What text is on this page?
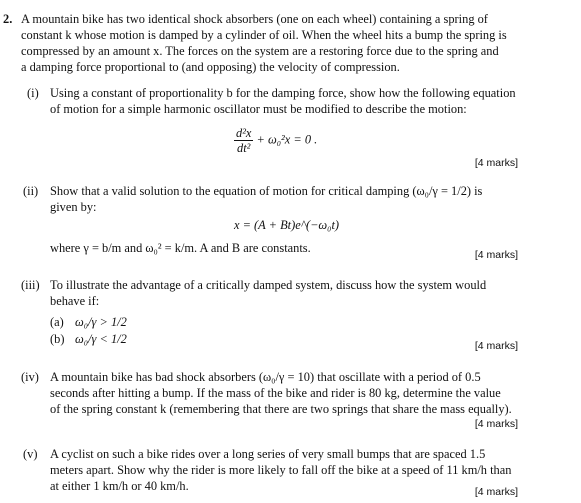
2. A mountain bike has two identical shock absorbers (one on each wheel) containing a spring of
constant k whose motion is damped by a cylinder of oil. When the wheel hits a bump the spring is
compressed by an amount x. The forces on the system are a restoring force due to the spring and
a damping force proportional to (and opposing) the velocity of compression.
(i) Using a constant of proportionality b for the damping force, show how the following equation
of motion for a simple harmonic oscillator must be modified to describe the motion:
$\frac{\text{d²x}}{\text{dt²}} + \omega_0^2x = 0$ .
[4 marks]
(ii) Show that a valid solution to the equation of motion for critical damping (ω₀/γ = 1/2) is
given by:
x = (A + Bt)e^(−ω₀t)
where γ = b/m and ω₀² = k/m. A and B are constants.	[4 marks]
(iii) To illustrate the advantage of a critically damped system, discuss how the system would
behave if:
(a) ω₀/γ > 1/2
(b) ω₀/γ < 1/2	[4 marks]
(iv) A mountain bike has bad shock absorbers (ω₀/γ = 10) that oscillate with a period of 0.5
seconds after hitting a bump. If the mass of the bike and rider is 80 kg, determine the value
of the spring constant k (remembering that there are two springs that share the mass equally).
[4 marks]
(v) A cyclist on such a bike rides over a long series of very small bumps that are spaced 1.5
meters apart. Show why the rider is more likely to fall off the bike at a speed of 11 km/h than
at either 1 km/h or 40 km/h.	[4 marks]
